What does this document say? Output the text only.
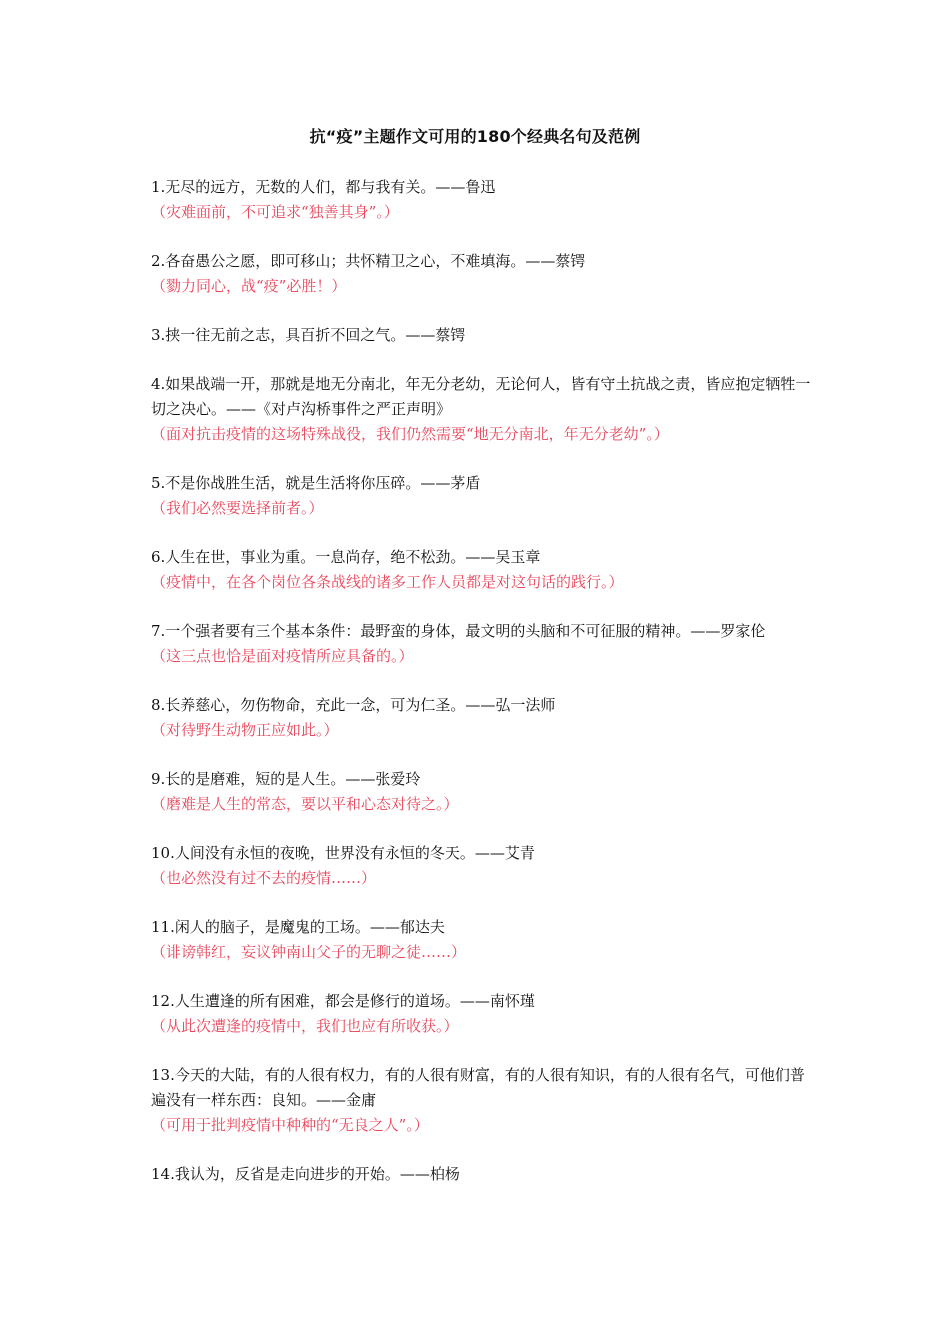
抗“疫”主题作文可用的180个经典名句及范例
1.无尽的远方，无数的人们，都与我有关。——鲁迅
（灾难面前，不可追求“独善其身”。）
2.各奋愚公之愿，即可移山；共怀精卫之心，不难填海。——蔡锷
（勠力同心，战“疫”必胜！）
3.挟一往无前之志，具百折不回之气。——蔡锷
4.如果战端一开，那就是地无分南北，年无分老幼，无论何人，皆有守土抗战之责，皆应抱定牺牲一切之决心。——《对卢沟桥事件之严正声明》
（面对抗击疫情的这场特殊战役，我们仍然需要“地无分南北，年无分老幼”。）
5.不是你战胜生活，就是生活将你压碎。——茅盾
（我们必然要选择前者。）
6.人生在世，事业为重。一息尚存，绝不松劲。——吴玉章
（疫情中，在各个岗位各条战线的诸多工作人员都是对这句话的践行。）
7.一个强者要有三个基本条件：最野蛮的身体，最文明的头脑和不可征服的精神。——罗家伦
（这三点也恰是面对疫情所应具备的。）
8.长养慈心，勿伤物命，充此一念，可为仁圣。——弘一法师
（对待野生动物正应如此。）
9.长的是磨难，短的是人生。——张爱玲
（磨难是人生的常态，要以平和心态对待之。）
10.人间没有永恒的夜晚，世界没有永恒的冬天。——艾青
（也必然没有过不去的疫情……）
11.闲人的脑子，是魔鬼的工场。——郁达夫
（诽谤韩红，妄议钟南山父子的无聊之徒……）
12.人生遭逢的所有困难，都会是修行的道场。——南怀瑾
（从此次遭逢的疫情中，我们也应有所收获。）
13.今天的大陆，有的人很有权力，有的人很有财富，有的人很有知识，有的人很有名气，可他们普遍没有一样东西：良知。——金庸
（可用于批判疫情中种种的“无良之人”。）
14.我认为，反省是走向进步的开始。——柏杨
